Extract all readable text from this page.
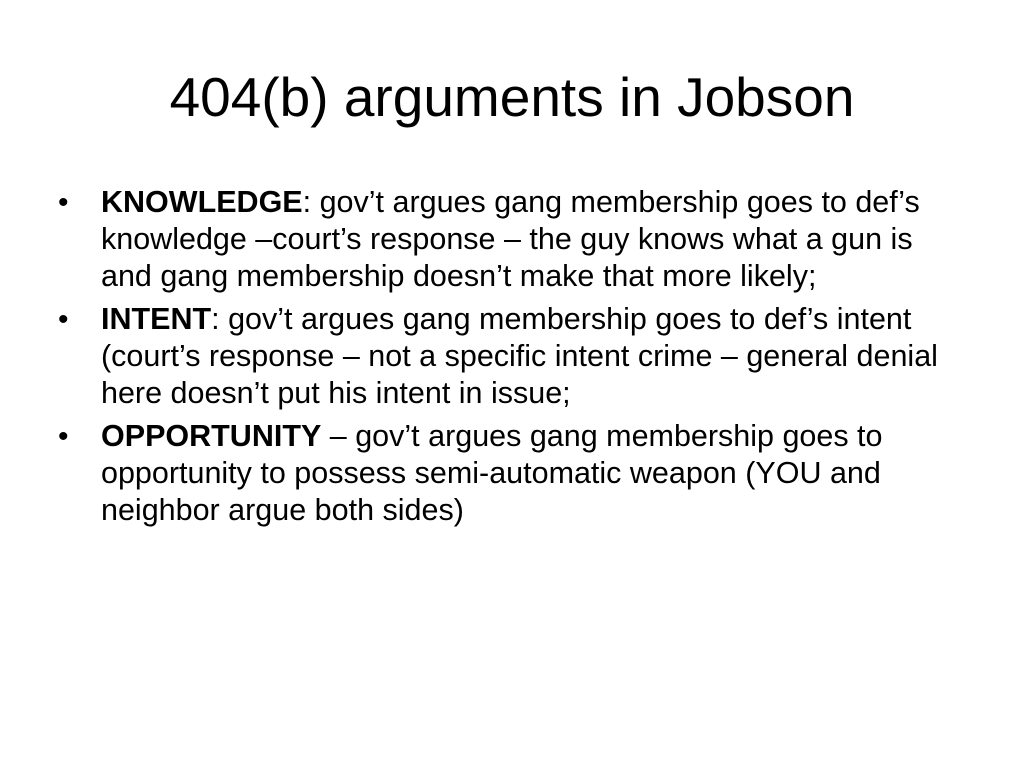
404(b) arguments in Jobson
• KNOWLEDGE: gov’t argues gang membership goes to def’s knowledge –court’s response – the guy knows what a gun is and gang membership doesn’t make that more likely;
• INTENT: gov’t argues gang membership goes to def’s intent (court’s response – not a specific intent crime – general denial here doesn’t put his intent in issue;
• OPPORTUNITY – gov’t argues gang membership goes to opportunity to possess semi-automatic weapon (YOU and neighbor argue both sides)
